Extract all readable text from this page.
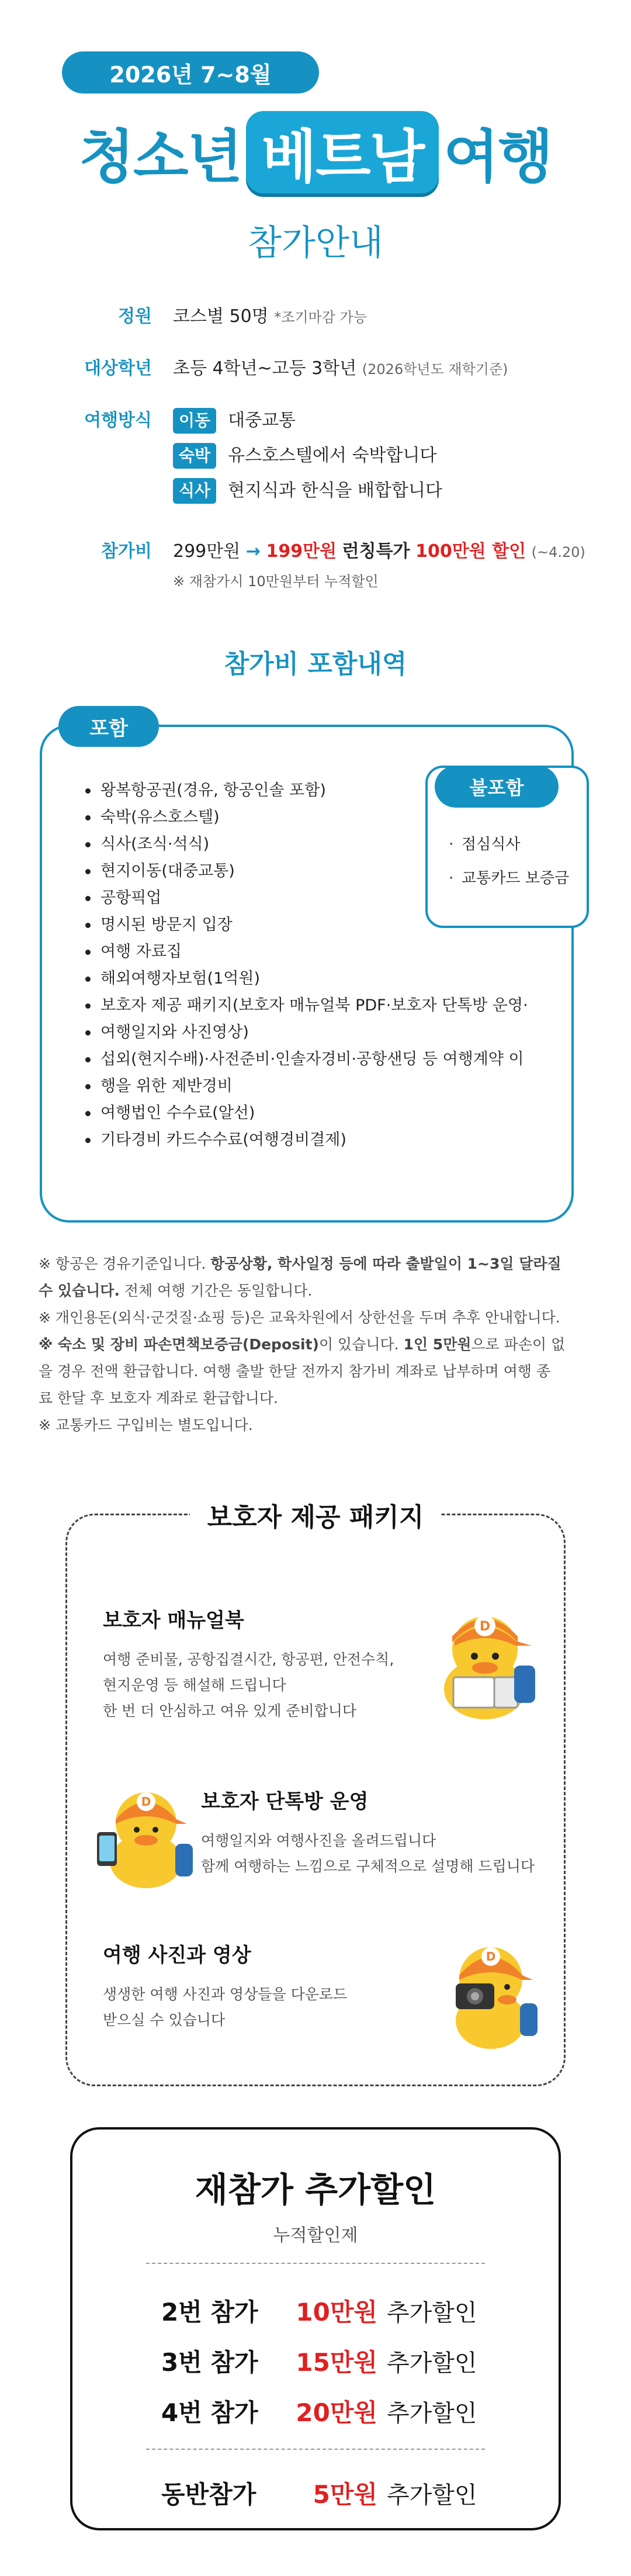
2026년 7~8월
청소년 베트남 여행
참가안내
정원 코스별 50명 *조기마감 가능
대상학년 초등 4학년~고등 3학년 (2026학년도 재학기준)
여행방식	이동	대중교통
숙박	유스호스텔에서 숙박합니다
식사	현지식과 한식을 배합합니다
참가비 299만원 → 199만원 런칭특가 100만원 할인 (~4.20)
※ 재참가시 10만원부터 누적할인
참가비 포함내역
포함
왕복항공권(경유, 항공인솔 포함)
숙박(유스호스텔)
식사(조식·석식)
현지이동(대중교통)
공항픽업
명시된 방문지 입장
여행 자료집
해외여행자보험(1억원)
보호자 제공 패키지(보호자 매뉴얼북 PDF·보호자 단톡방 운영·
여행일지와 사진영상)
섭외(현지수배)·사전준비·인솔자경비·공항샌딩 등 여행계약 이
행을 위한 제반경비
여행법인 수수료(알선)
기타경비 카드수수료(여행경비결제)
불포함
· 점심식사
· 교통카드 보증금

※ 항공은 경유기준입니다. 항공상황, 학사일정 등에 따라 출발일이 1~3일 달라질

수 있습니다. 전체 여행 기간은 동일합니다.

※ 개인용돈(외식·군것질·쇼핑 등)은 교육차원에서 상한선을 두며 추후 안내합니다.

※ 숙소 및 장비 파손면책보증금(Deposit)이 있습니다. 1인 5만원으로 파손이 없

을 경우 전액 환급합니다. 여행 출발 한달 전까지 참가비 계좌로 납부하며 여행 종

료 한달 후 보호자 계좌로 환급합니다.

※ 교통카드 구입비는 별도입니다.

보호자 제공 패키지
보호자 매뉴얼북

여행 준비물, 공항집결시간, 항공편, 안전수칙,

현지운영 등 해설해 드립니다

한 번 더 안심하고 여유 있게 준비합니다

보호자 단톡방 운영

여행일지와 여행사진을 올려드립니다

함께 여행하는 느낌으로 구체적으로 설명해 드립니다

여행 사진과 영상

생생한 여행 사진과 영상들을 다운로드

받으실 수 있습니다

D
D
D
재참가 추가할인
누적할인제
2번 참가	10만원 추가할인
3번 참가	15만원 추가할인
4번 참가	20만원 추가할인
동반참가	5만원 추가할인
